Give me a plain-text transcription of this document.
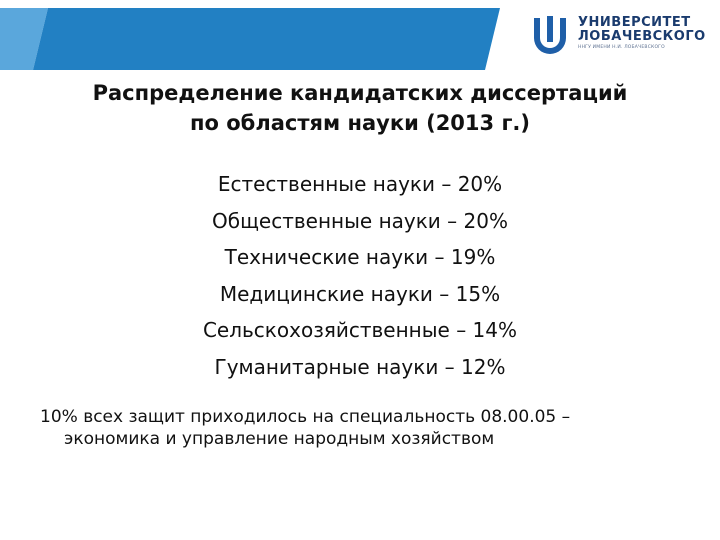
УНИВЕРСИТЕТ
ЛОБАЧЕВСКОГО
ННГУ ИМЕНИ Н.И. ЛОБАЧЕВСКОГО
Распределение кандидатских диссертаций
по областям науки (2013 г.)
Естественные науки – 20%
Общественные науки – 20%
Технические науки – 19%
Медицинские науки – 15%
Сельскохозяйственные – 14%
Гуманитарные науки – 12%
10% всех защит приходилось на специальность 08.00.05 –
экономика и управление народным хозяйством
